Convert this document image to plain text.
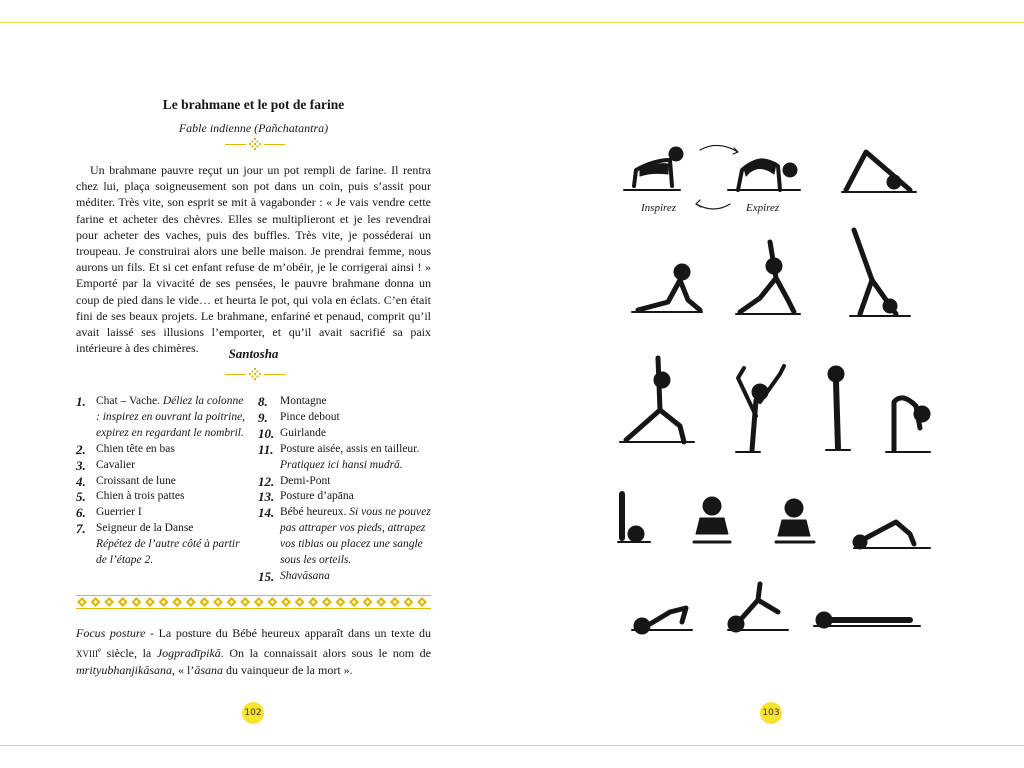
Le brahmane et le pot de farine
Fable indienne (Pañchatantra)

Un brahmane pauvre reçut un jour un pot rempli de farine. Il rentra chez lui, plaça soigneusement son pot dans un coin, puis s’assit pour méditer. Très vite, son esprit se mit à vagabonder : « Je vais vendre cette farine et acheter des chèvres. Elles se multiplieront et je les revendrai pour acheter des vaches, puis des buffles. Très vite, je posséderai un troupeau. Je construirai alors une belle maison. Je prendrai femme, nous aurons un fils. Et si cet enfant refuse de m’obéir, je le corrigerai ainsi ! » Emporté par la vivacité de ses pensées, le pauvre brahmane donna un coup de pied dans le vide… et heurta le pot, qui vola en éclats. C’en était fini de ses beaux projets. Le brahmane, enfariné et penaud, comprit qu’il avait laissé ses illusions l’emporter, et qu’il avait sacrifié sa paix intérieure à des chimères.	Santosha
1. Chat – Vache. Déliez la colonne : inspirez en ouvrant la poitrine, expirez en regardant le nombril.
2. Chien tête en bas
3. Cavalier
4. Croissant de lune
5. Chien à trois pattes
6. Guerrier I
7. Seigneur de la Danse
Répétez de l’autre côté à partir de l’étape 2.
8. Montagne
9. Pince debout
10. Guirlande
11. Posture aisée, assis en tailleur.
Pratiquez ici hansi mudrā.
12. Demi-Pont
13. Posture d’apāna
14. Bébé heureux. Si vous ne pouvez pas attraper vos pieds, attrapez vos tibias ou placez une sangle sous les orteils.
15. Shavāsana

Focus posture - La posture du Bébé heureux apparaît dans un texte du XVIIIe siècle, la Jogpradīpikā. On la connaissait alors sous le nom de mrityubhanjikāsana, « l’āsana du vainqueur de la mort ».

102
Inspirez	Expirez
103
